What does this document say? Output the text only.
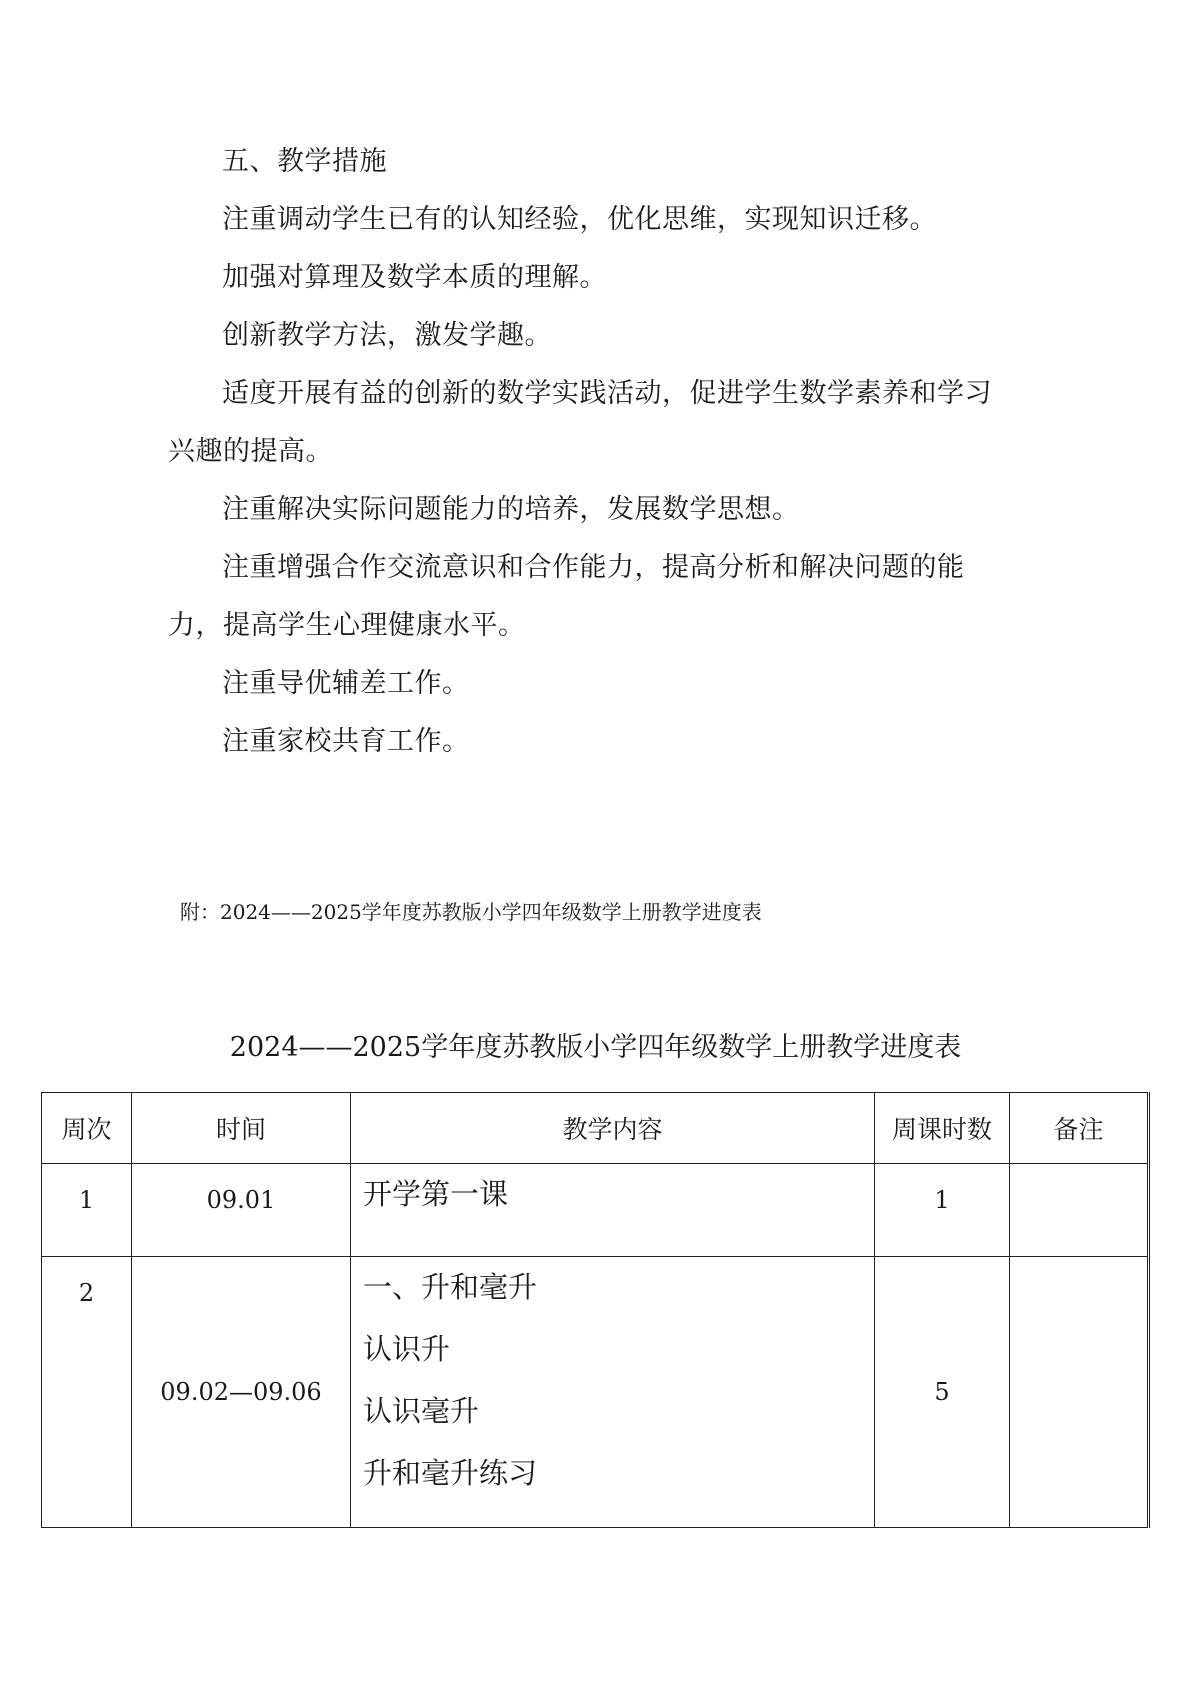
五、教学措施
注重调动学生已有的认知经验，优化思维，实现知识迁移。
加强对算理及数学本质的理解。
创新教学方法，激发学趣。
适度开展有益的创新的数学实践活动，促进学生数学素养和学习
兴趣的提高。
注重解决实际问题能力的培养，发展数学思想。
注重增强合作交流意识和合作能力，提高分析和解决问题的能
力，提高学生心理健康水平。
注重导优辅差工作。
注重家校共育工作。
附：2024——2025学年度苏教版小学四年级数学上册教学进度表
2024——2025学年度苏教版小学四年级数学上册教学进度表
周次	时间	教学内容	周课时数	备注
1	09.01	开学第一课	1	
2	09.02—09.06	一、升和毫升
认识升
认识毫升
升和毫升练习	5	
